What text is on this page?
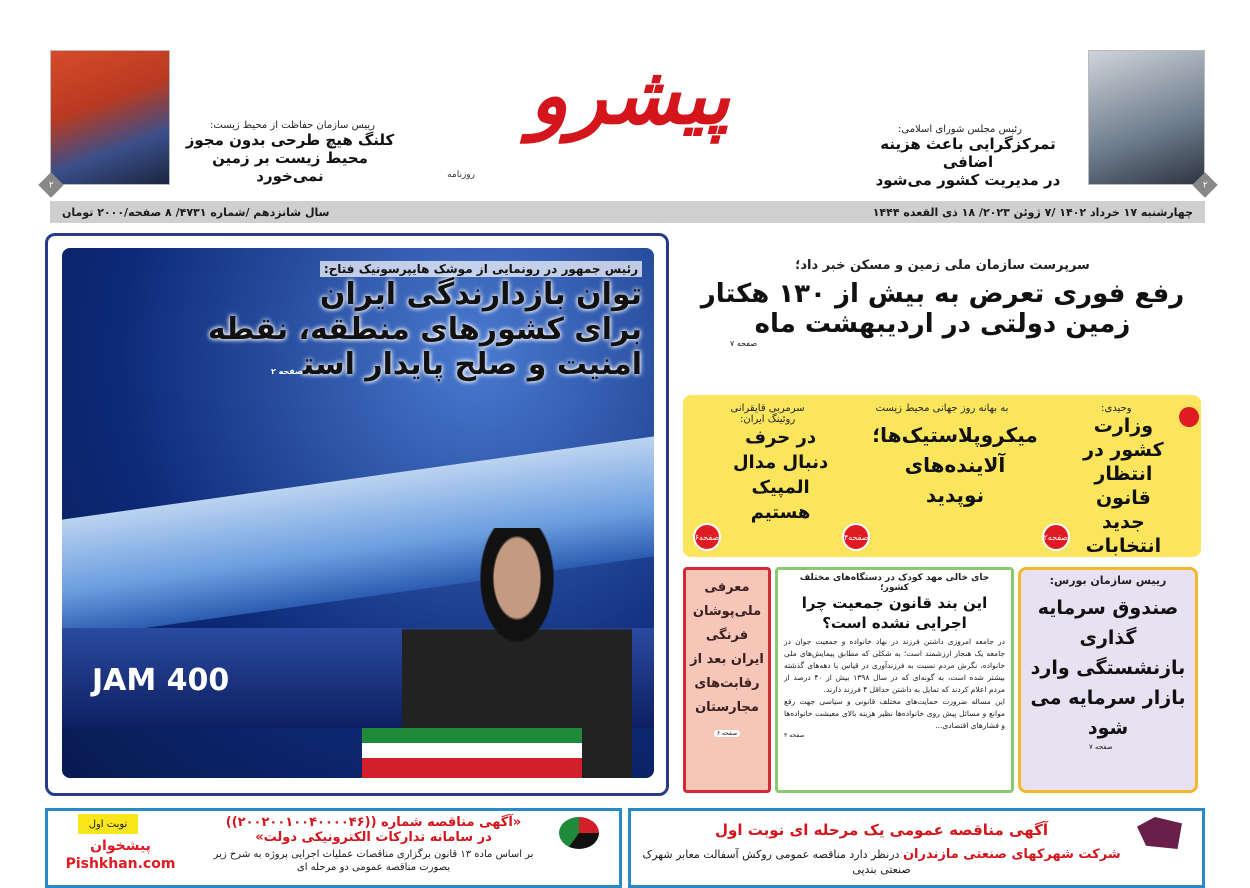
۲
رئیس مجلس شورای اسلامی:
تمرکزگرایی باعث هزینه اضافی
در مدیریت کشور می‌شود
پیشرو
روزنامه
۲
رییس سازمان حفاظت از محیط زیست:
کلنگ هیچ طرحی بدون مجوز
محیط زیست بر زمین نمی‌خورد
چهارشنبه ۱۷ خرداد ۱۴۰۲ /۷ ژوئن ۲۰۲۳/ ۱۸ ذی القعده ۱۴۴۴
سال شانزدهم /شماره ۴۷۳۱/ ۸ صفحه/۲۰۰۰ تومان
JAM 400
رئیس جمهور در رونمایی از موشک هایپرسونیک فتاح:
توان بازدارندگی ایران
برای کشورهای منطقه، نقطه
امنیت و صلح پایدار استصفحه ۲
سرپرست سازمان ملی زمین و مسکن خبر داد؛
رفع فوری تعرض به بیش از ۱۳۰ هکتار
زمین دولتی در اردیبهشت ماه
صفحه ۷
وحیدی:
وزارت کشور در انتظار قانون جدید انتخابات
صفحه۲
به بهانه روز جهانی محیط زیست
میکروپلاستیک‌ها؛ آلاینده‌های نوپدید
صفحه۴
سرمربی قایقرانی روئینگ ایران:
در حرف دنبال مدال المپیک هستیم
صفحه۶
رییس سازمان بورس:
صندوق سرمایه گذاری بازنشستگی وارد بازار سرمایه می شود
صفحه ۷
جای خالی مهد کودک در دستگاه‌های مختلف کشور؛
این بند قانون جمعیت چرا اجرایی نشده است؟
در جامعه امروزی داشتن فرزند در نهاد خانواده و جمعیت جوان در جامعه یک هنجار ارزشمند است؛ به شکلی که مطابق پیمایش‌های ملی خانواده، نگرش مردم نسبت به فرزندآوری در قیاس با دهه‌های گذشته بیشتر شده است، به گونه‌ای که در سال ۱۳۹۸ بیش از ۴۰ درصد از مردم اعلام کردند که تمایل به داشتن حداقل ۴ فرزند دارند.
این مساله ضرورت حمایت‌های مختلف قانونی و سیاسی جهت رفع موانع و مسائل پیش روی خانواده‌ها نظیر هزینه بالای معیشت خانواده‌ها و فشارهای اقتصادی...
صفحه ۳
معرفی ملی‌پوشان فرنگی ایران بعد از رقابت‌های مجارستان
صفحه ۶
نوبت اول
پیشخوان Pishkhan.com
«آگهی مناقصه شماره ((۲۰۰۲۰۰۱۰۰۴۰۰۰۰۴۶))
در سامانه تدارکات الکترونیکی دولت»
بر اساس ماده ۱۳ قانون برگزاری مناقصات عملیات اجرایی پروژه به شرح زیر بصورت مناقصه عمومی دو مرحله ای
آگهی مناقصه عمومی یک مرحله ای نوبت اول
شرکت شهرکهای صنعتی مازندران درنظر دارد مناقصه عمومی روکش آسفالت معابر شهرک صنعتی بندپی
